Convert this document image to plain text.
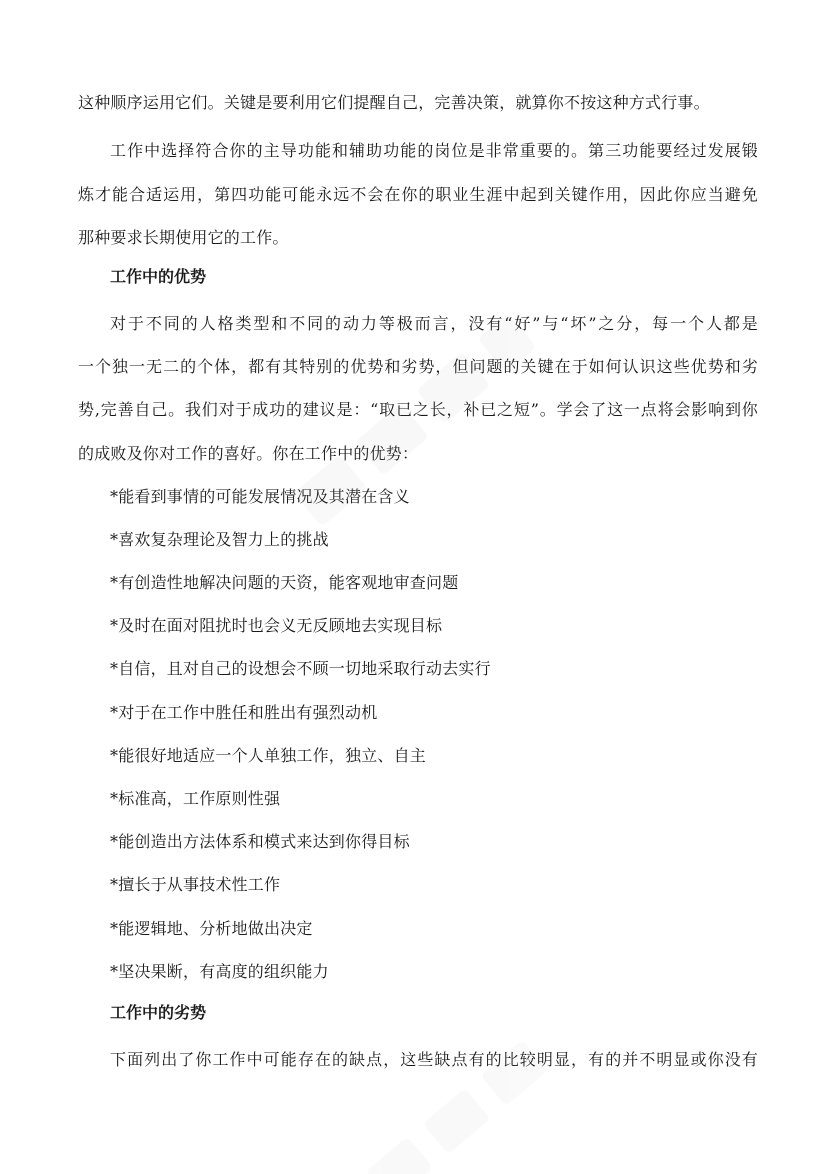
这种顺序运用它们。关键是要利用它们提醒自己，完善决策，就算你不按这种方式行事。
工作中选择符合你的主导功能和辅助功能的岗位是非常重要的。第三功能要经过发展锻
炼才能合适运用，第四功能可能永远不会在你的职业生涯中起到关键作用，因此你应当避免
那种要求长期使用它的工作。
工作中的优势
对于不同的人格类型和不同的动力等极而言，没有“好”与“坏”之分，每一个人都是
一个独一无二的个体，都有其特别的优势和劣势，但问题的关键在于如何认识这些优势和劣
势,完善自己。我们对于成功的建议是：“取已之长，补已之短”。学会了这一点将会影响到你
的成败及你对工作的喜好。你在工作中的优势：
*能看到事情的可能发展情况及其潜在含义
*喜欢复杂理论及智力上的挑战
*有创造性地解决问题的天资，能客观地审查问题
*及时在面对阻扰时也会义无反顾地去实现目标
*自信，且对自己的设想会不顾一切地采取行动去实行
*对于在工作中胜任和胜出有强烈动机
*能很好地适应一个人单独工作，独立、自主
*标准高，工作原则性强
*能创造出方法体系和模式来达到你得目标
*擅长于从事技术性工作
*能逻辑地、分析地做出决定
*坚决果断，有高度的组织能力
工作中的劣势
下面列出了你工作中可能存在的缺点，这些缺点有的比较明显，有的并不明显或你没有
